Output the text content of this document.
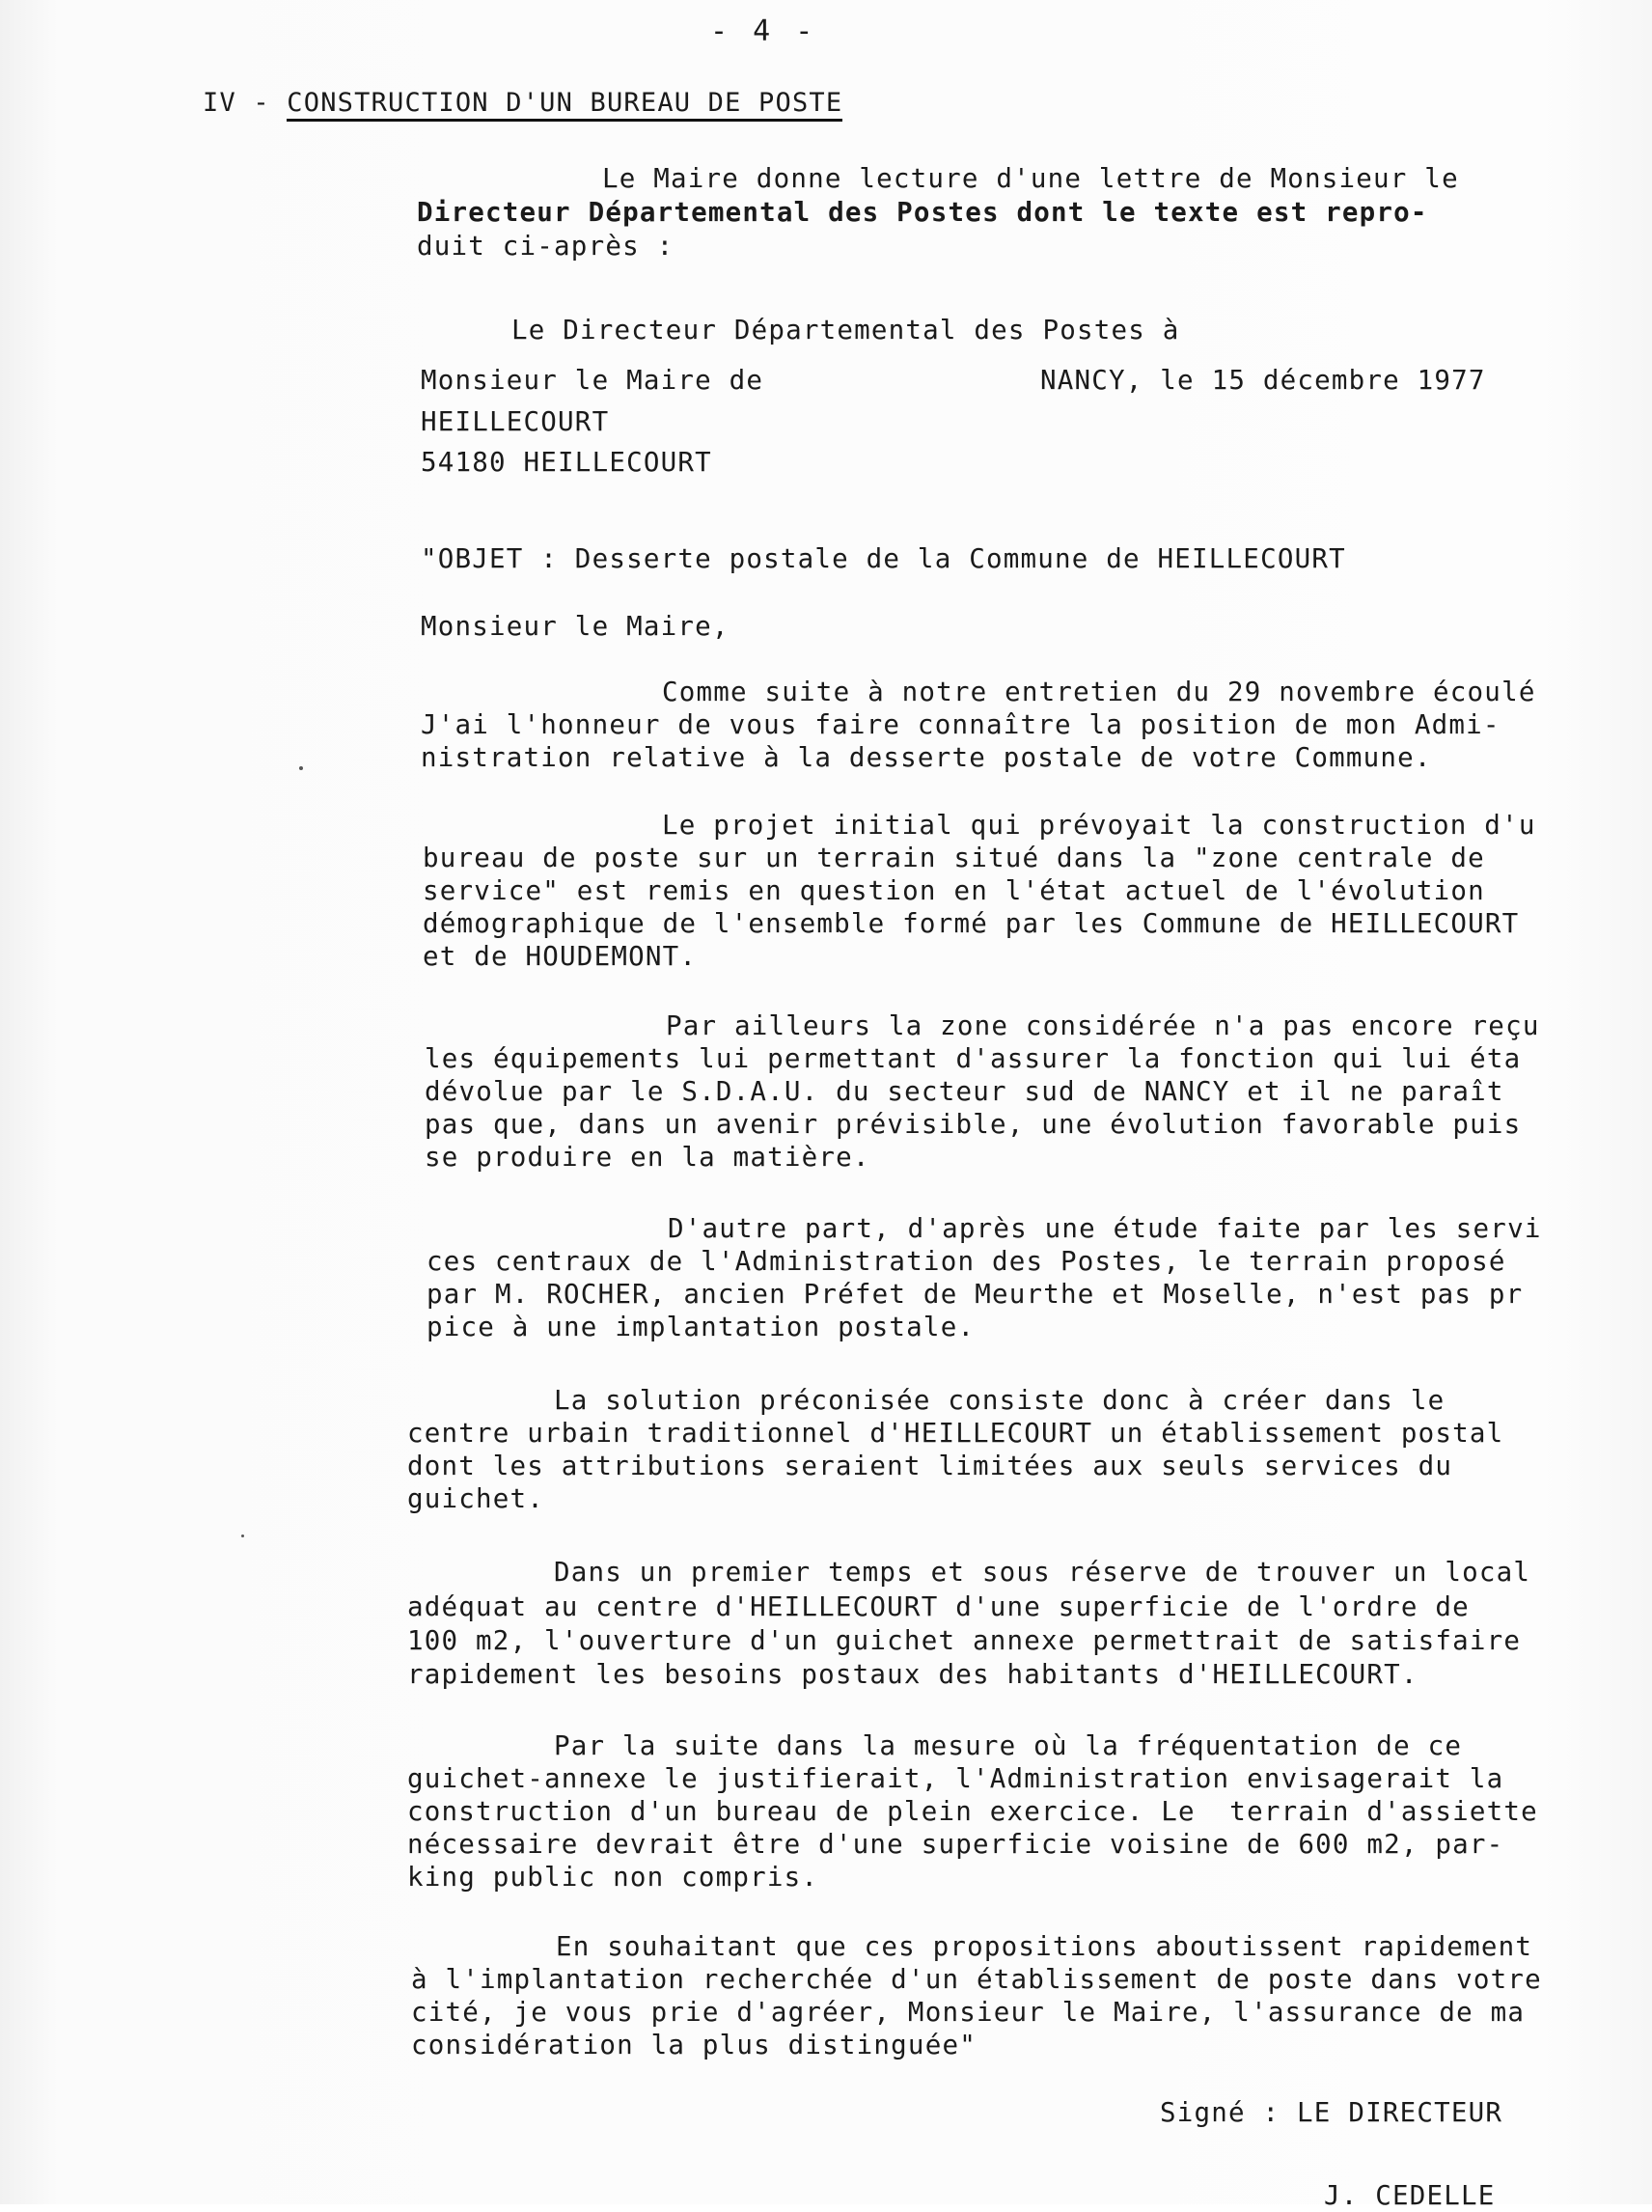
- 4 -
IV - CONSTRUCTION D'UN BUREAU DE POSTE
Le Maire donne lecture d'une lettre de Monsieur le
Directeur Départemental des Postes dont le texte est repro-
duit ci-après :
Le Directeur Départemental des Postes à
Monsieur le Maire de	NANCY, le 15 décembre 1977
HEILLECOURT
54180 HEILLECOURT
"OBJET : Desserte postale de la Commune de HEILLECOURT
Monsieur le Maire,
Comme suite à notre entretien du 29 novembre écoulé
J'ai l'honneur de vous faire connaître la position de mon Admi-
nistration relative à la desserte postale de votre Commune.
Le projet initial qui prévoyait la construction d'u
bureau de poste sur un terrain situé dans la "zone centrale de
service" est remis en question en l'état actuel de l'évolution
démographique de l'ensemble formé par les Commune de HEILLECOURT
et de HOUDEMONT.
Par ailleurs la zone considérée n'a pas encore reçu
les équipements lui permettant d'assurer la fonction qui lui éta
dévolue par le S.D.A.U. du secteur sud de NANCY et il ne paraît
pas que, dans un avenir prévisible, une évolution favorable puis
se produire en la matière.
D'autre part, d'après une étude faite par les servi
ces centraux de l'Administration des Postes, le terrain proposé
par M. ROCHER, ancien Préfet de Meurthe et Moselle, n'est pas pr
pice à une implantation postale.
La solution préconisée consiste donc à créer dans le
centre urbain traditionnel d'HEILLECOURT un établissement postal
dont les attributions seraient limitées aux seuls services du
guichet.
Dans un premier temps et sous réserve de trouver un local
adéquat au centre d'HEILLECOURT d'une superficie de l'ordre de
100 m2, l'ouverture d'un guichet annexe permettrait de satisfaire
rapidement les besoins postaux des habitants d'HEILLECOURT.
Par la suite dans la mesure où la fréquentation de ce
guichet-annexe le justifierait, l'Administration envisagerait la
construction d'un bureau de plein exercice. Le  terrain d'assiette
nécessaire devrait être d'une superficie voisine de 600 m2, par-
king public non compris.
En souhaitant que ces propositions aboutissent rapidement
à l'implantation recherchée d'un établissement de poste dans votre
cité, je vous prie d'agréer, Monsieur le Maire, l'assurance de ma
considération la plus distinguée"
Signé : LE DIRECTEUR
J. CEDELLE
